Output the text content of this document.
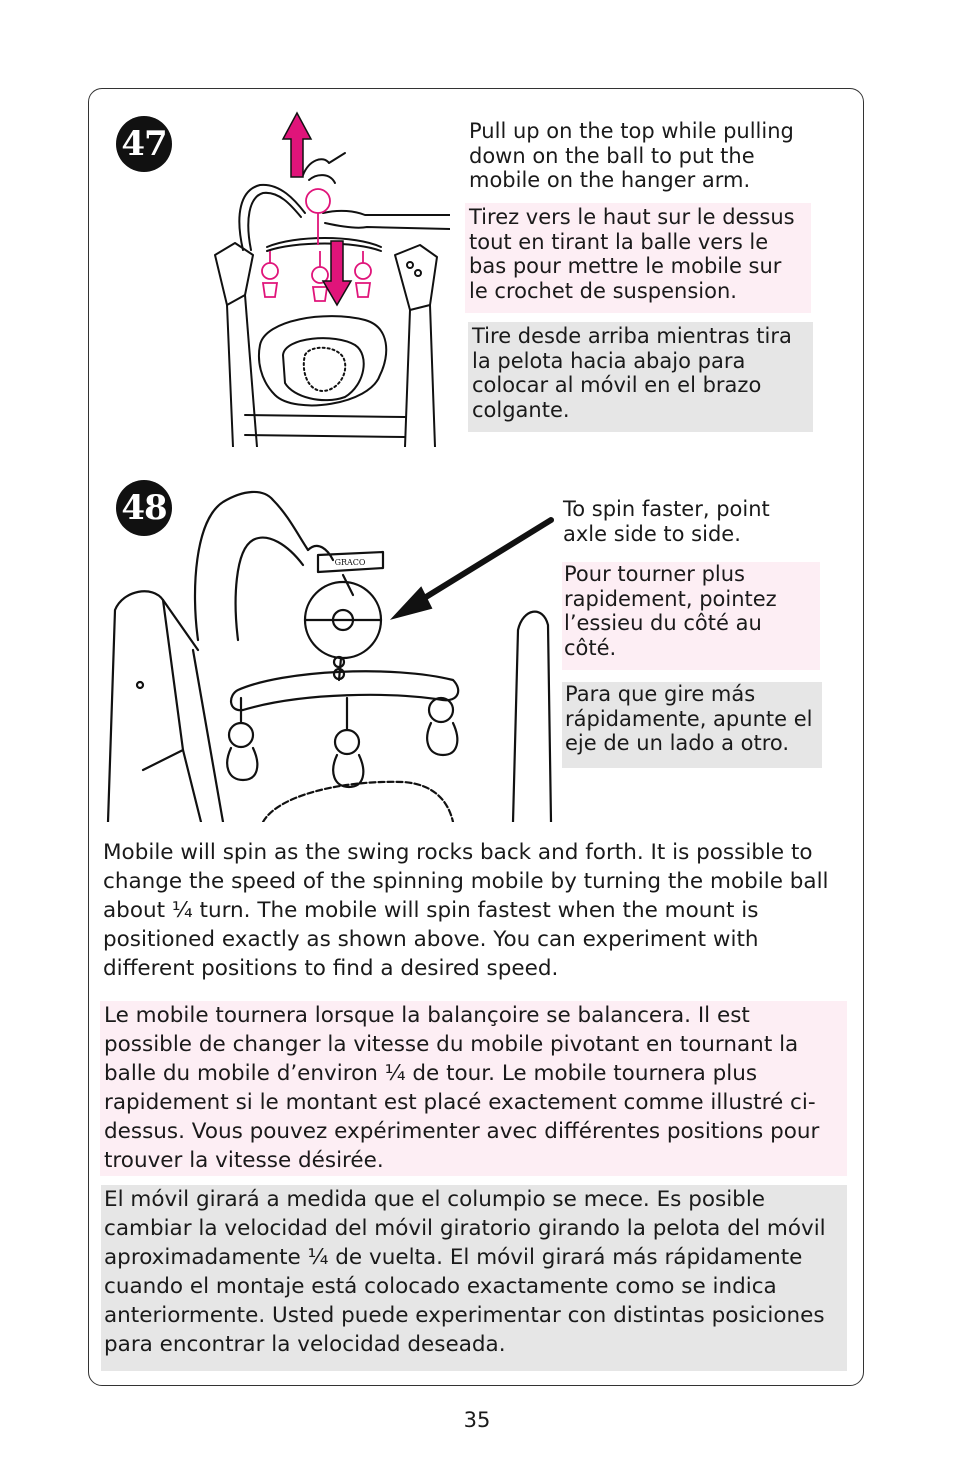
47	Pull up on the top while pulling down on the ball to put the mobile on the hanger arm.

Tirez vers le haut sur le dessus tout en tirant la balle vers le bas pour mettre le mobile sur le crochet de suspension.

Tire desde arriba mientras tira la pelota hacia abajo para colocar al móvil en el brazo colgante.

48
GRACO

To spin faster, point axle side to side.

Pour tourner plus rapidement, pointez l’essieu du côté au côté.

Para que gire más rápidamente, apunte el eje de un lado a otro.

Mobile will spin as the swing rocks back and forth. It is possible to change the speed of the spinning mobile by turning the mobile ball about ¼ turn. The mobile will spin fastest when the mount is positioned exactly as shown above. You can experiment with different positions to find a desired speed.

Le mobile tournera lorsque la balançoire se balancera. Il est possible de changer la vitesse du mobile pivotant en tournant la balle du mobile d’environ ¼ de tour. Le mobile tournera plus rapidement si le montant est placé exactement comme illustré ci-dessus. Vous pouvez expérimenter avec différentes positions pour trouver la vitesse désirée.

El móvil girará a medida que el columpio se mece. Es posible cambiar la velocidad del móvil giratorio girando la pelota del móvil aproximadamente ¼ de vuelta. El móvil girará más rápidamente cuando el montaje está colocado exactamente como se indica anteriormente. Usted puede experimentar con distintas posiciones para encontrar la velocidad deseada.

35
